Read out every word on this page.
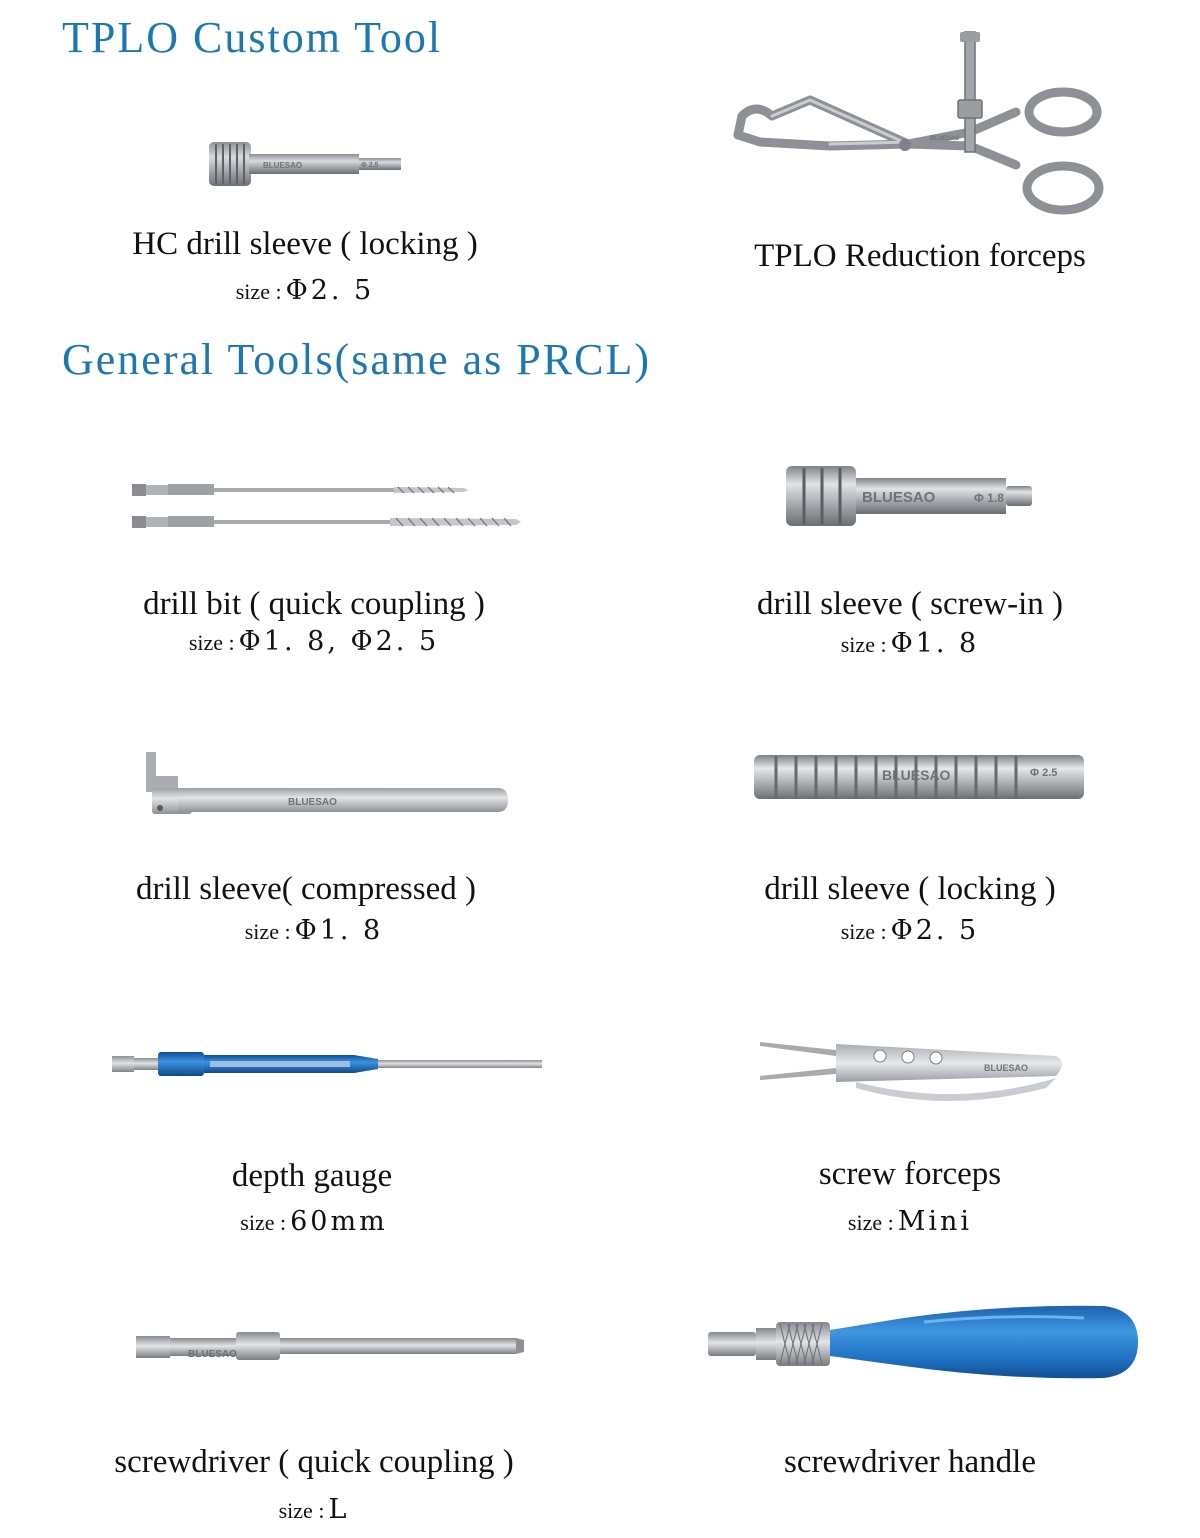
TPLO Custom Tool
General Tools(same as PRCL)
BLUESAO	Φ 2.5
HC drill sleeve ( locking )
size : Φ2. 5
BLUESAO
TPLO Reduction forceps
drill bit ( quick coupling )
size : Φ1. 8, Φ2. 5
BLUESAO	Φ 1.8
drill sleeve ( screw-in )
size : Φ1. 8
BLUESAO
drill sleeve( compressed )
size : Φ1. 8
BLUESAO	Φ 2.5
drill sleeve ( locking )
size : Φ2. 5
depth gauge
size : 60mm
BLUESAO
screw forceps
size : Mini
BLUESAO
screwdriver ( quick coupling )
size : L
screwdriver handle
